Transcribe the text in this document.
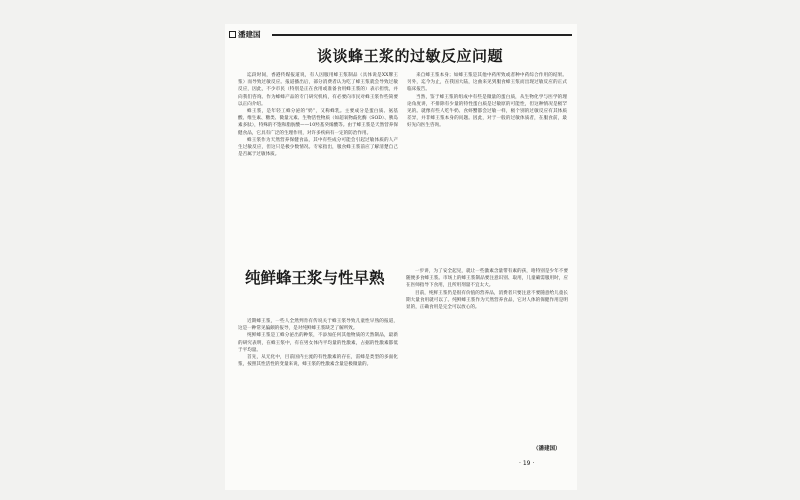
潘建国
谈谈蜂王浆的过敏反应问题

迄段时间，香港传媒报道说，有人因服用蜂王浆制品（具体说是XX牌王浆）而导致过敏反应。报道播出后，部分消费者认为吃了蜂王浆就会导致过敏反应，因此，不少市民（特别是正在食用或准备食用蜂王浆的）表示担忧，并向我们咨询。作为蜂蜂产品的专门研究机构，有必要向市民对蜂王浆作些简要以正向介绍。

蜂王浆，是年轻工蜂分泌的“奶”，又称蜂乳。主要成分是蛋白质、氨基酸、维生素、糖类、微量元素、生物活性物质（如超氧物歧化酶（SOD）、胰岛素多肽），特殊的不饱和脂肪酸——10羟基癸烯酸等。由于蜂王浆是天然营养保健食品，它具有广泛的生理作用，对许多疾病有一定的防治作用。

蜂王浆作为天然营养保健食品，其中有些成分可能会引起过敏体质的人产生过敏反应，但这只是极少数情况。专家指出，服食蜂王浆前应了解清楚自己是否属于过敏体质。

来自蜂王浆本身；如蜂王浆是其他中药所致或者种中药综合作用的结果。另外，迄今为止，在我国大陆，这曲来见到服食蜂王浆而出现过敏反应的正式临床报告。

当然，鉴于蜂王浆的组成中有些是微量的蛋白质，从生物化学与医学的理论角度讲，不排除有少量的特性蛋白质是过敏原的可能性，但这种情况是极罕见的。就像有些人吃牛奶、食虾蟹都会过敏一样，极个别的过敏反应有其体质差异，并非蜂王浆本身的问题。因此，对于一般的过敏体质者，在服食前，最好先向医生咨询。

纯鲜蜂王浆与性早熟

近期蜂王浆，一些人全然判肯有传说关于蜂王浆导致儿童性早熟的报道，这是一种常见偏颇的报导，是对纯鲜蜂王浆缺乏了解所致。

纯鲜蜂王浆是工蜂分泌出的种浆，不添加任何其他物质的天然制品，最新的研究表明，在蜂王浆中，有在男女体内平均量的性激素，占据的性激素都低于平均量。

首先，从无化中，目前国内主流的有性激素的存在，雷蜂是类型的多面化浆，按照其性活性的变量来说，蜂王浆的性激素含量是极微量的。

一步讲，为了安全起见，就让一些激素含量带有素的孩，咱特别是少年不要随便多食蜂王浆。市场上的蜂王浆制品要注意识别、取用，儿童确需服用时，应在医师指导下食用，且所用剂量不宜太大。

目前，纯鲜王浆仍是很有价值的营养品，消费者只要注意不要随意给儿童长期大量食用就可以了。纯鲜蜂王浆作为天然营养食品，它对人体的保健作用是明显的，正确食用是完全可以放心的。

（潘建国）
· 19 ·
